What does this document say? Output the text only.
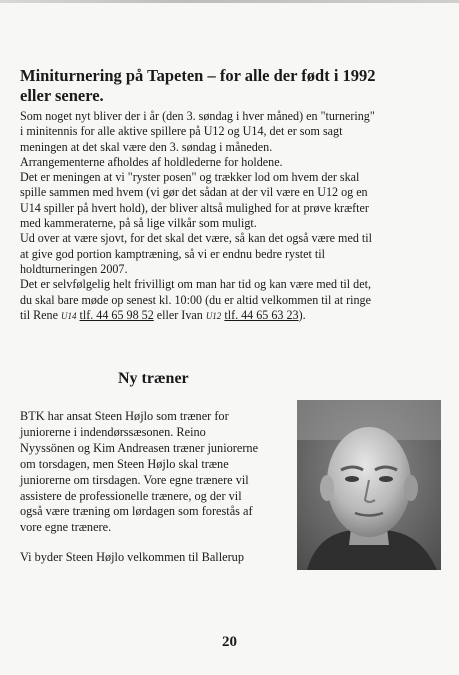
Miniturnering på Tapeten – for alle der født i 1992
eller senere.
Som noget nyt bliver der i år (den 3. søndag i hver måned) en "turnering"
i minitennis for alle aktive spillere på U12 og U14, det er som sagt
meningen at det skal være den 3. søndag i måneden.
Arrangementerne afholdes af holdlederne for holdene.
Det er meningen at vi "ryster posen" og trækker lod om hvem der skal
spille sammen med hvem (vi gør det sådan at der vil være en U12 og en
U14 spiller på hvert hold), der bliver altså mulighed for at prøve kræfter
med kammeraterne, på så lige vilkår som muligt.
Ud over at være sjovt, for det skal det være, så kan det også være med til
at give god portion kamptræning, så vi er endnu bedre rystet til
holdturneringen 2007.
Det er selvfølgelig helt frivilligt om man har tid og kan være med til det,
du skal bare møde op senest kl. 10:00 (du er altid velkommen til at ringe
til Rene U14 tlf. 44 65 98 52 eller Ivan U12 tlf. 44 65 63 23).
Ny træner
BTK har ansat Steen Højlo som træner for
juniorerne i indendørssæsonen. Reino
Nyyssönen og Kim Andreasen træner juniorerne
om torsdagen, men Steen Højlo skal træne
juniorerne om tirsdagen. Vore egne trænere vil
assistere de professionelle trænere, og der vil
også være træning om lørdagen som forestås af
vore egne trænere.
Vi byder Steen Højlo velkommen til Ballerup
20
